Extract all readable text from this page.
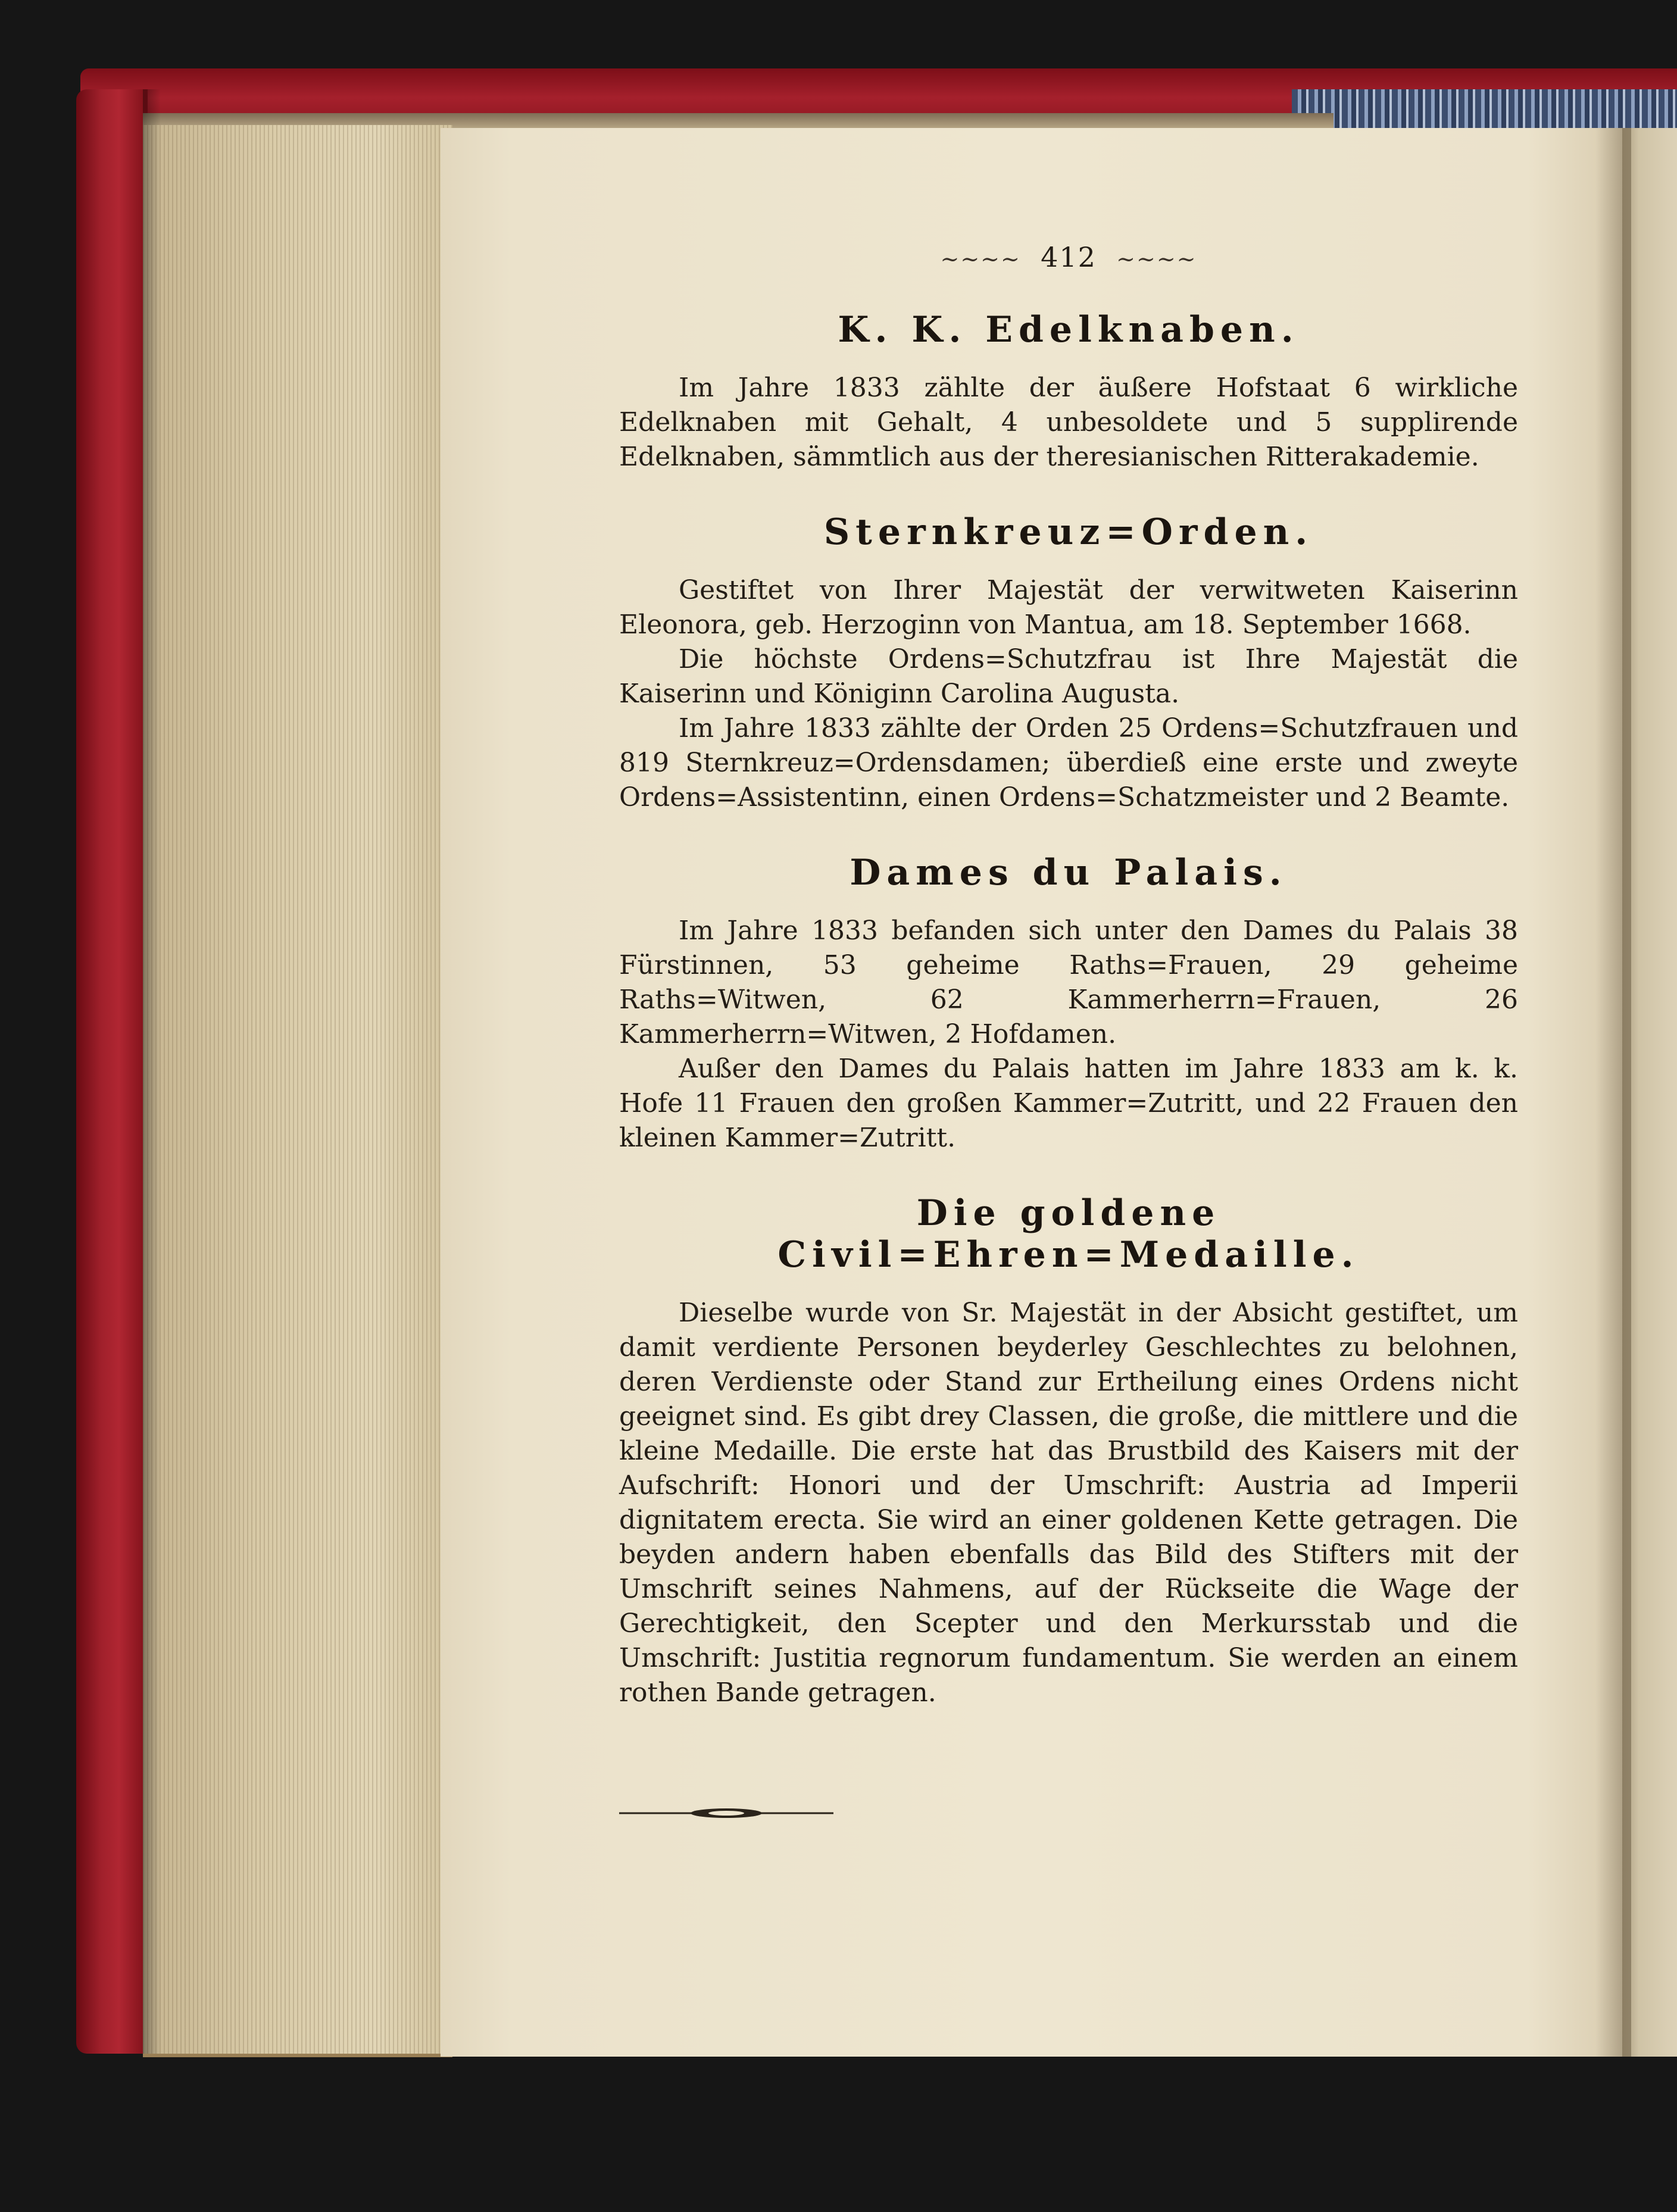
~~~~ 412 ~~~~
K. K. Edelknaben.

Im Jahre 1833 zählte der äußere Hofstaat 6 wirkliche Edelknaben mit Gehalt, 4 unbesoldete und 5 supplirende Edelknaben, sämmtlich aus der theresianischen Ritterakademie.

Sternkreuz=Orden.

Gestiftet von Ihrer Majestät der verwitweten Kaiserinn Eleonora, geb. Herzoginn von Mantua, am 18. September 1668.

Die höchste Ordens=Schutzfrau ist Ihre Majestät die Kaiserinn und Königinn Carolina Augusta.

Im Jahre 1833 zählte der Orden 25 Ordens=Schutzfrauen und 819 Sternkreuz=Ordensdamen; überdieß eine erste und zweyte Ordens=Assistentinn, einen Ordens=Schatzmeister und 2 Beamte.

Dames du Palais.

Im Jahre 1833 befanden sich unter den Dames du Palais 38 Fürstinnen, 53 geheime Raths=Frauen, 29 geheime Raths=Witwen, 62 Kammerherrn=Frauen, 26 Kammerherrn=Witwen, 2 Hofdamen.

Außer den Dames du Palais hatten im Jahre 1833 am k. k. Hofe 11 Frauen den großen Kammer=Zutritt, und 22 Frauen den kleinen Kammer=Zutritt.

Die goldene Civil=Ehren=Medaille.

Dieselbe wurde von Sr. Majestät in der Absicht gestiftet, um damit verdiente Personen beyderley Geschlechtes zu belohnen, deren Verdienste oder Stand zur Ertheilung eines Ordens nicht geeignet sind. Es gibt drey Classen, die große, die mittlere und die kleine Medaille. Die erste hat das Brustbild des Kaisers mit der Aufschrift: Honori und der Umschrift: Austria ad Imperii dignitatem erecta. Sie wird an einer goldenen Kette getragen. Die beyden andern haben ebenfalls das Bild des Stifters mit der Umschrift seines Nahmens, auf der Rückseite die Wage der Gerechtigkeit, den Scepter und den Merkursstab und die Umschrift: Justitia regnorum fundamentum. Sie werden an einem rothen Bande getragen.
